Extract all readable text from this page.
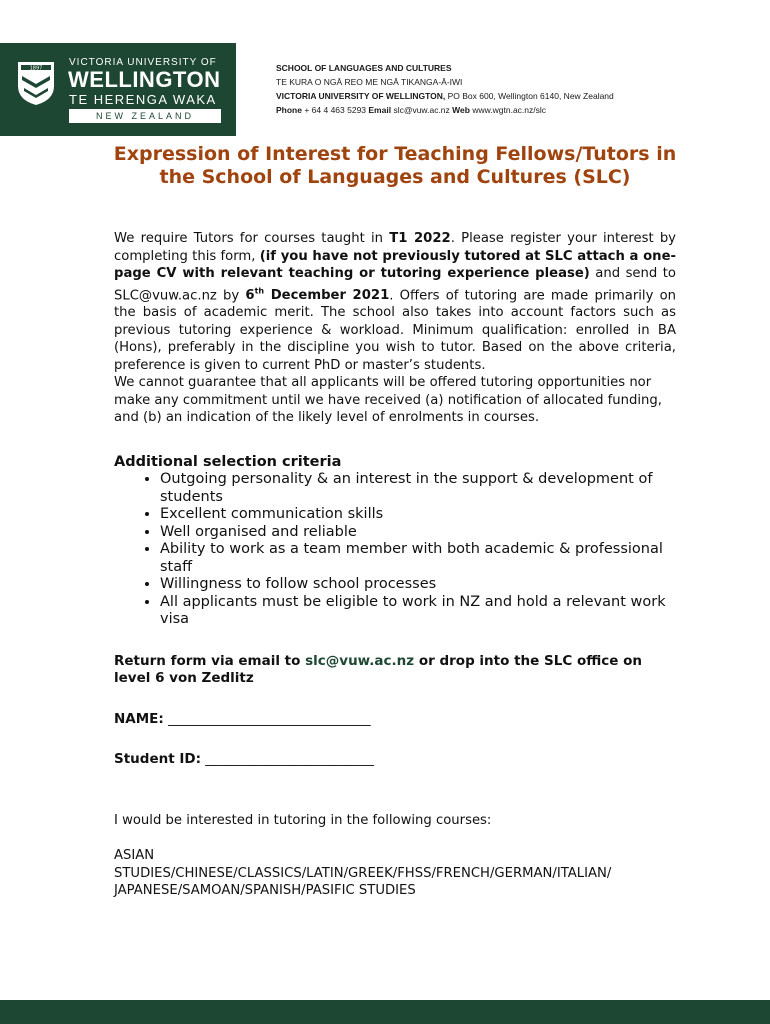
1897
VICTORIA UNIVERSITY OF
WELLINGTON
TE HERENGA WAKA
NEW ZEALAND
SCHOOL OF LANGUAGES AND CULTURES
TE KURA O NGĀ REO ME NGĀ TIKANGA-Ā-IWI
VICTORIA UNIVERSITY OF WELLINGTON, PO Box 600, Wellington 6140, New Zealand
Phone + 64 4 463 5293 Email slc@vuw.ac.nz Web www.wgtn.ac.nz/slc
Expression of Interest for Teaching Fellows/Tutors in the School of Languages and Cultures (SLC)

We require Tutors for courses taught in T1 2022. Please register your interest by completing this form, (if you have not previously tutored at SLC attach a one-page CV with relevant teaching or tutoring experience please) and send to SLC@vuw.ac.nz by 6th December 2021. Offers of tutoring are made primarily on the basis of academic merit. The school also takes into account factors such as previous tutoring experience & workload. Minimum qualification: enrolled in BA (Hons), preferably in the discipline you wish to tutor. Based on the above criteria, preference is given to current PhD or master’s students.

We cannot guarantee that all applicants will be offered tutoring opportunities nor make any commitment until we have received (a) notification of allocated funding, and (b) an indication of the likely level of enrolments in courses.

Additional selection criteria

• Outgoing personality & an interest in the support & development of students
• Excellent communication skills
• Well organised and reliable
• Ability to work as a team member with both academic & professional staff
• Willingness to follow school processes
• All applicants must be eligible to work in NZ and hold a relevant work visa

Return form via email to slc@vuw.ac.nz or drop into the SLC office on level 6 von Zedlitz

NAME: ______________________________

Student ID: _________________________

I would be interested in tutoring in the following courses:

ASIAN
STUDIES/CHINESE/CLASSICS/LATIN/GREEK/FHSS/FRENCH/GERMAN/ITALIAN/
JAPANESE/SAMOAN/SPANISH/PASIFIC STUDIES
